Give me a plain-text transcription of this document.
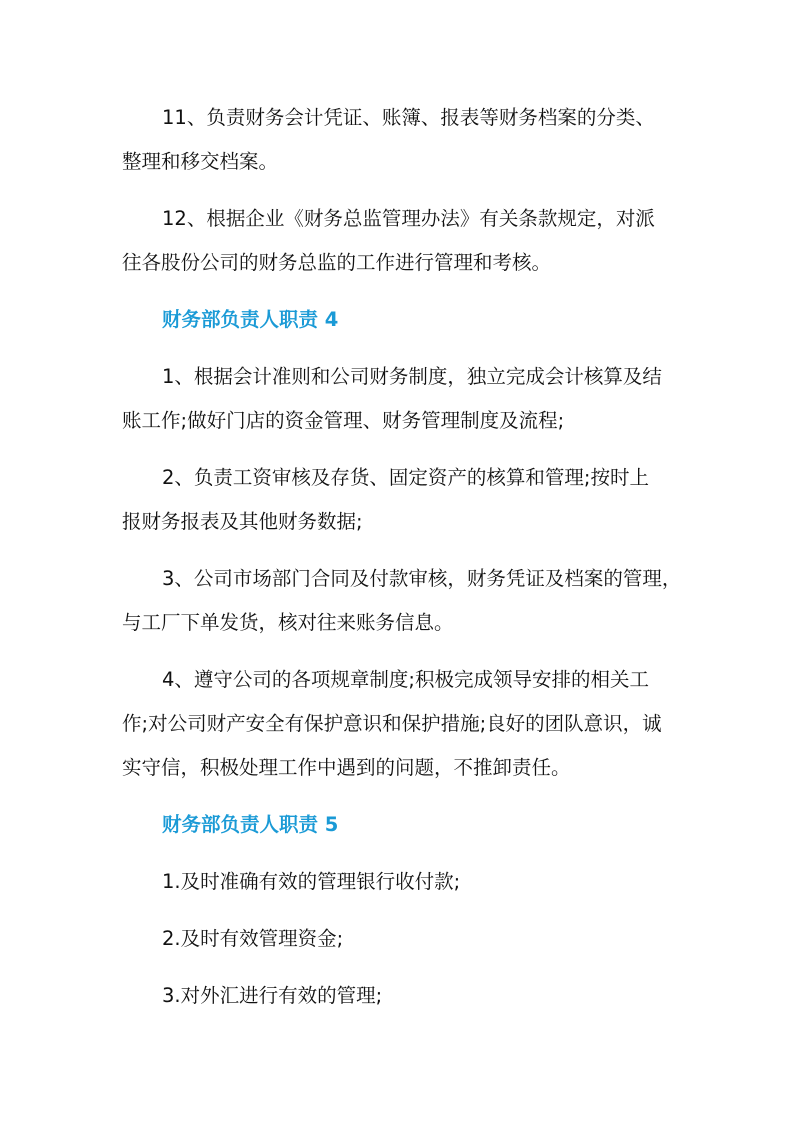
11、负责财务会计凭证、账簿、报表等财务档案的分类、
整理和移交档案。

12、根据企业《财务总监管理办法》有关条款规定，对派
往各股份公司的财务总监的工作进行管理和考核。

财务部负责人职责 4

1、根据会计准则和公司财务制度，独立完成会计核算及结
账工作;做好门店的资金管理、财务管理制度及流程;

2、负责工资审核及存货、固定资产的核算和管理;按时上
报财务报表及其他财务数据;

3、公司市场部门合同及付款审核，财务凭证及档案的管理，
与工厂下单发货，核对往来账务信息。

4、遵守公司的各项规章制度;积极完成领导安排的相关工
作;对公司财产安全有保护意识和保护措施;良好的团队意识，诚
实守信，积极处理工作中遇到的问题，不推卸责任。

财务部负责人职责 5

1.及时准确有效的管理银行收付款;

2.及时有效管理资金;

3.对外汇进行有效的管理;
